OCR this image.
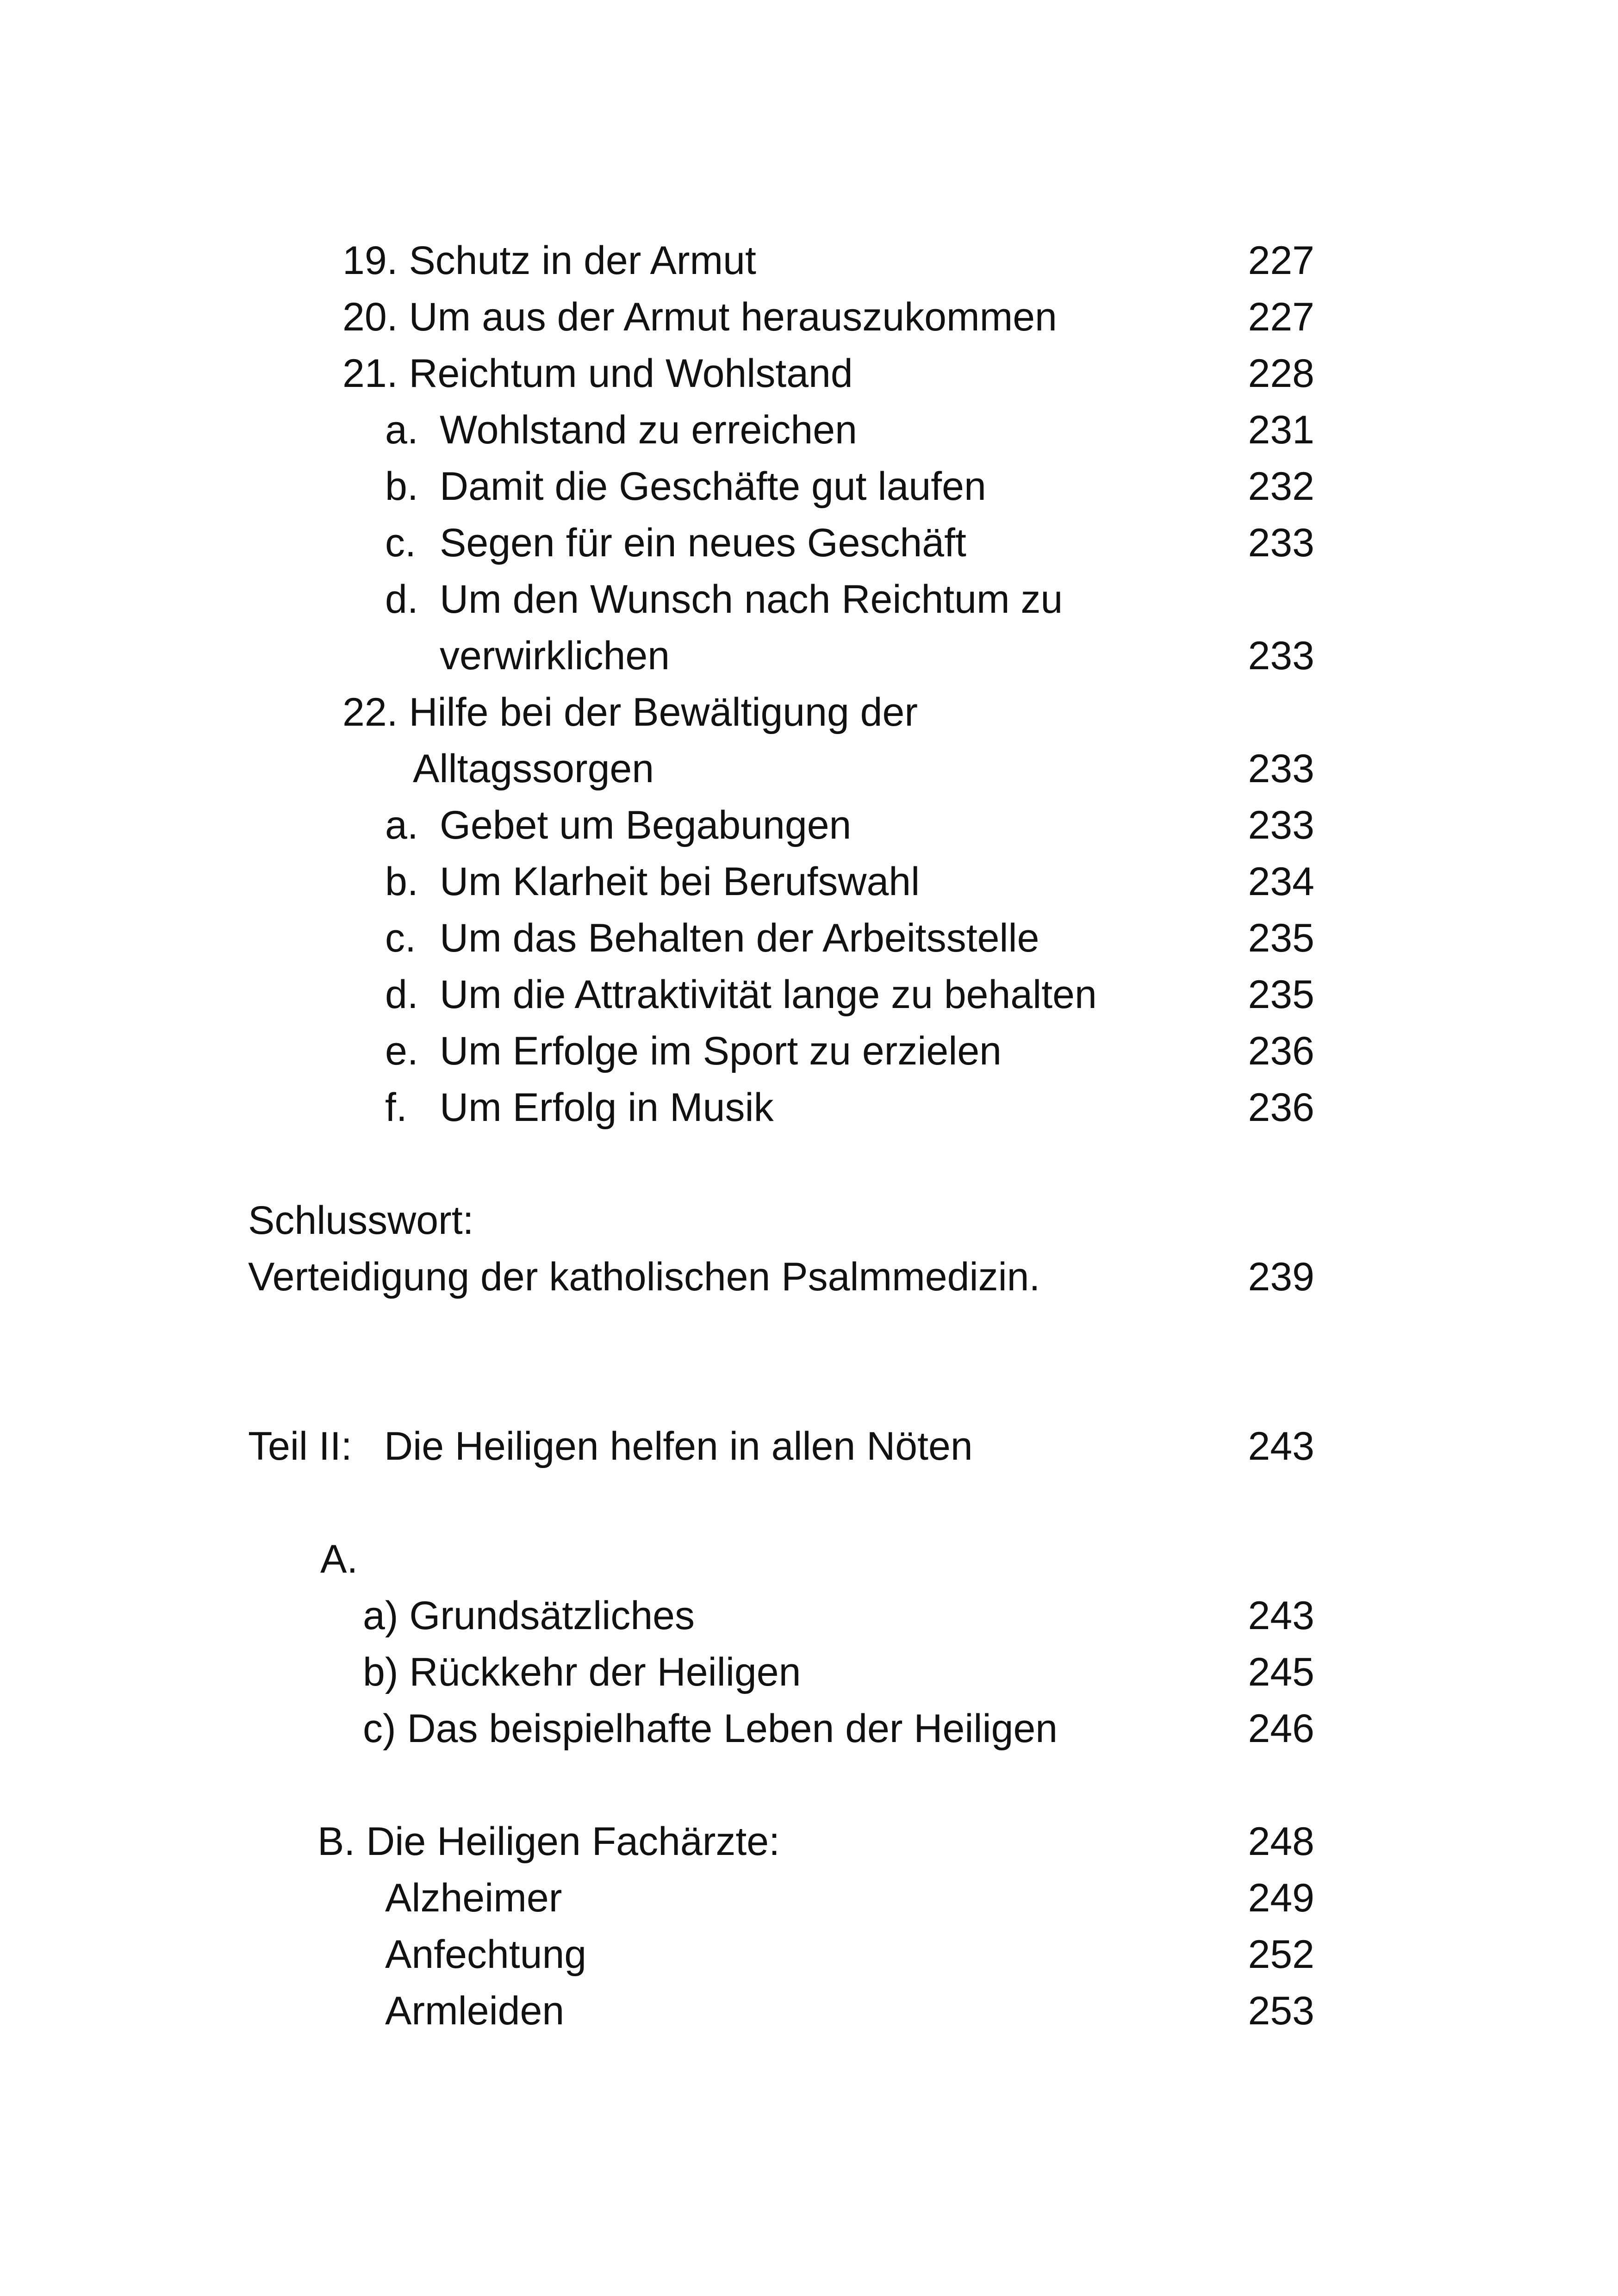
19. Schutz in der Armut	227
20. Um aus der Armut herauszukommen	227
21. Reichtum und Wohlstand	228
a. Wohlstand zu erreichen	231
b. Damit die Geschäfte gut laufen	232
c. Segen für ein neues Geschäft	233
d. Um den Wunsch nach Reichtum zu
verwirklichen	233
22. Hilfe bei der Bewältigung der
Alltagssorgen	233
a. Gebet um Begabungen	233
b. Um Klarheit bei Berufswahl	234
c. Um das Behalten der Arbeitsstelle	235
d. Um die Attraktivität lange zu behalten	235
e. Um Erfolge im Sport zu erzielen	236
f. Um Erfolg in Musik	236
Schlusswort:
Verteidigung der katholischen Psalmmedizin.	239
Teil II: Die Heiligen helfen in allen Nöten	243
A.
a) Grundsätzliches	243
b) Rückkehr der Heiligen	245
c) Das beispielhafte Leben der Heiligen	246
B. Die Heiligen Fachärzte:	248
Alzheimer	249
Anfechtung	252
Armleiden	253
